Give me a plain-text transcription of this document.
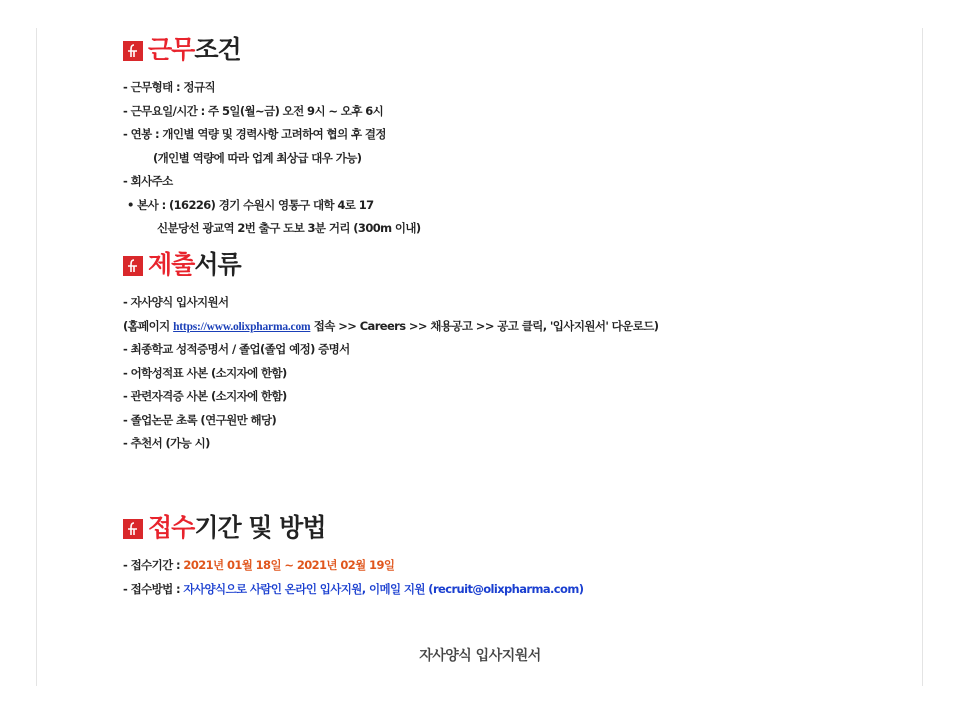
근무 조건
- 근무형태 : 정규직
- 근무요일/시간 : 주 5일(월~금) 오전 9시 ~ 오후 6시
- 연봉 : 개인별 역량 및 경력사항 고려하여 협의 후 결정
(개인별 역량에 따라 업계 최상급 대우 가능)
- 회사주소
• 본사 : (16226) 경기 수원시 영통구 대학 4로 17
신분당선 광교역 2번 출구 도보 3분 거리 (300m 이내)
제출 서류
- 자사양식 입사지원서
(홈페이지 https://www.olixpharma.com 접속 >> Careers >> 채용공고 >> 공고 클릭, '입사지원서' 다운로드)
- 최종학교 성적증명서 / 졸업(졸업 예정) 증명서
- 어학성적표 사본 (소지자에 한함)
- 관련자격증 사본 (소지자에 한함)
- 졸업논문 초록 (연구원만 해당)
- 추천서 (가능 시)
접수 기간 및 방법
- 접수기간 : 2021년 01월 18일 ~ 2021년 02월 19일
- 접수방법 : 자사양식으로 사람인 온라인 입사지원, 이메일 지원 (recruit@olixpharma.com)
자사양식 입사지원서
